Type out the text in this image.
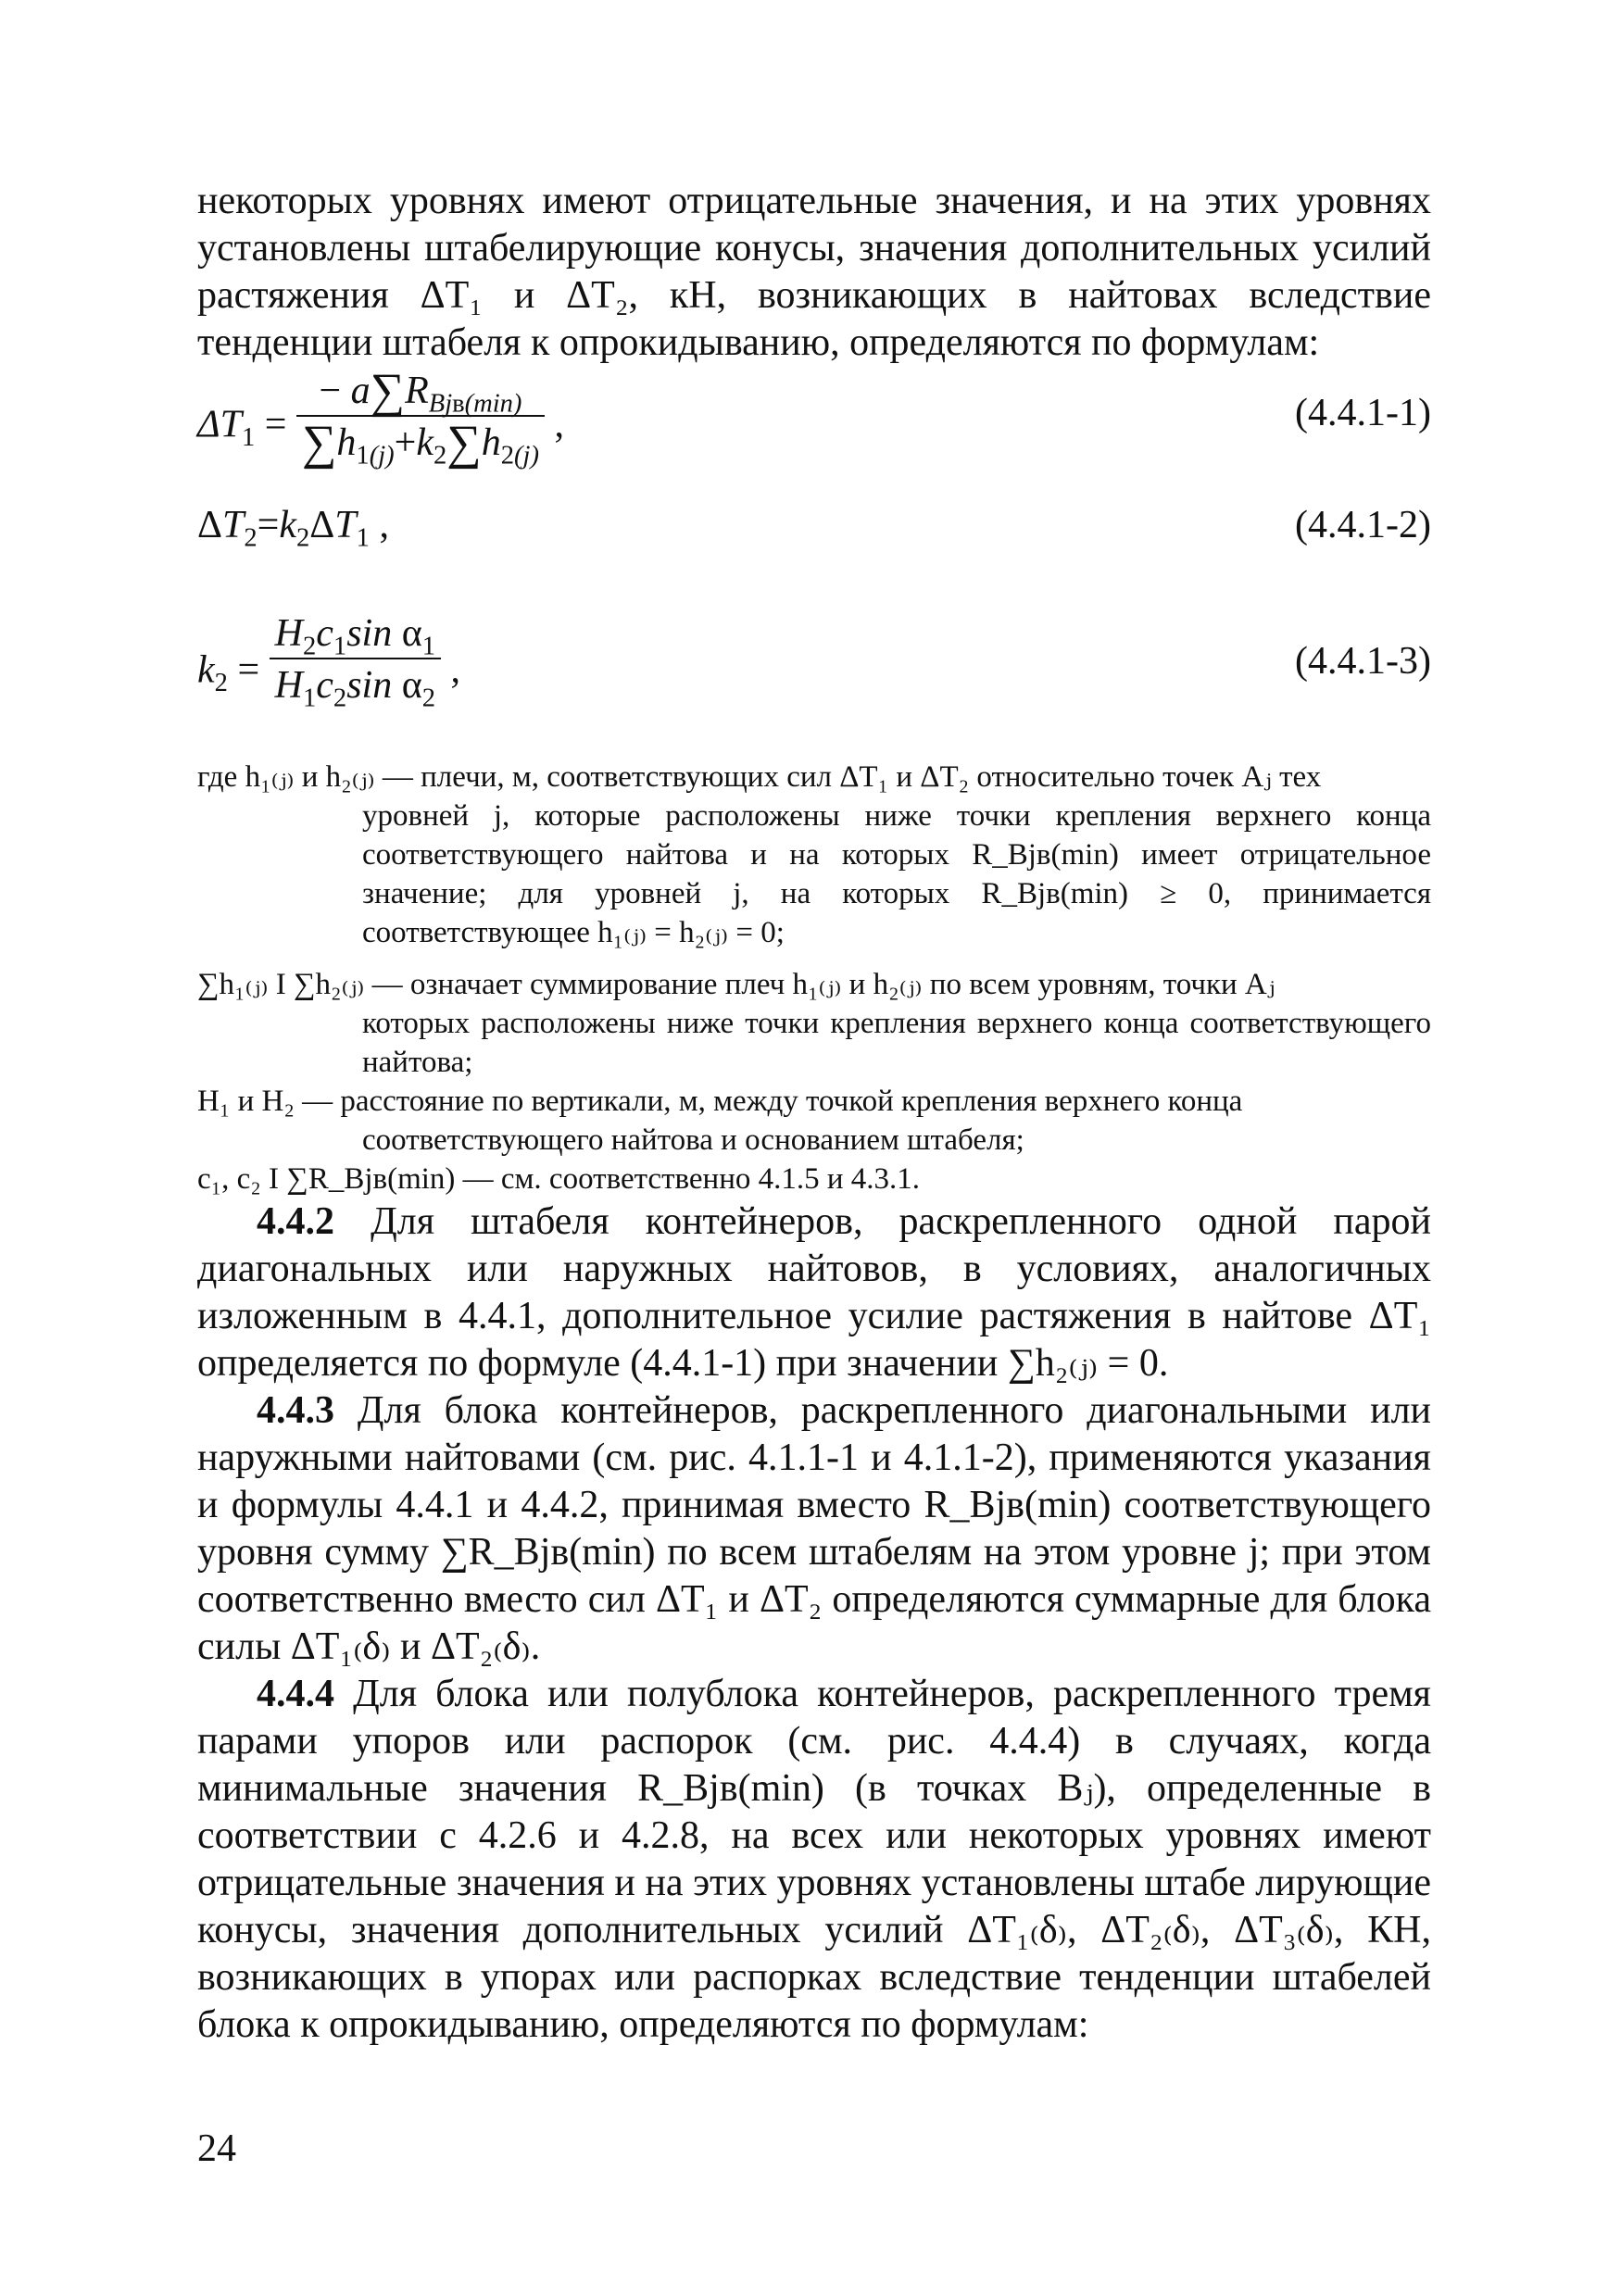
некоторых уровнях имеют отрицательные значения, и на этих уровнях установлены штабелирующие конусы, значения дополнительных усилий растяжения ΔT₁ и ΔT₂, кН, возникающих в найтовах вследствие тенденции штабеля к опрокидыванию, определяются по формулам:

$\Delta T_1 = \frac{- a\sum R_{Bjв(min)}}{\sum h_{1(j)}+k_2\sum h_{2(j)}}$ ,	(4.4.1-1)
$\Delta T_2=k_2\Delta T_1$ ,	(4.4.1-2)
$k_2 = \frac{H_2c_1\sin \alpha_1}{H_1c_2\sin \alpha_2}$ ,	(4.4.1-3)

где h₁₍ⱼ₎ и h₂₍ⱼ₎ — плечи, м, соответствующих сил ΔT₁ и ΔT₂ относительно точек Aⱼ тех

уровней j, которые расположены ниже точки крепления верхнего конца соответствующего найтова и на которых R_Bjв(min) имеет отрицательное значение; для уровней j, на которых R_Bjв(min) ≥ 0, принимается соответствующее h₁₍ⱼ₎ = h₂₍ⱼ₎ = 0;

∑h₁₍ⱼ₎ I ∑h₂₍ⱼ₎ — означает суммирование плеч h₁₍ⱼ₎ и h₂₍ⱼ₎ по всем уровням, точки Aⱼ

которых расположены ниже точки крепления верхнего конца соответствующего найтова;

H₁ и H₂ — расстояние по вертикали, м, между точкой крепления верхнего конца

соответствующего найтова и основанием штабеля;

c₁, c₂ I ∑R_Bjв(min) — см. соответственно 4.1.5 и 4.3.1.

4.4.2 Для штабеля контейнеров, раскрепленного одной парой диагональных или наружных найтовов, в условиях, аналогичных изложенным в 4.4.1, дополнительное усилие растяжения в найтове ΔT₁ определяется по формуле (4.4.1-1) при значении ∑h₂₍ⱼ₎ = 0.

4.4.3 Для блока контейнеров, раскрепленного диагональными или наружными найтовами (см. рис. 4.1.1-1 и 4.1.1-2), применяются указания и формулы 4.4.1 и 4.4.2, принимая вместо R_Bjв(min) соответствующего уровня сумму ∑R_Bjв(min) по всем штабелям на этом уровне j; при этом соответственно вместо сил ΔT₁ и ΔT₂ определяются суммарные для блока силы ΔT₁₍δ₎ и ΔT₂₍δ₎.

4.4.4 Для блока или полублока контейнеров, раскрепленного тремя парами упоров или распорок (см. рис. 4.4.4) в случаях, когда минимальные значения R_Bjв(min) (в точках Bⱼ), определенные в соответствии с 4.2.6 и 4.2.8, на всех или некоторых уровнях имеют отрицательные значения и на этих уровнях установлены штабе лирующие конусы, значения дополнительных усилий ΔT₁₍δ₎, ΔT₂₍δ₎, ΔT₃₍δ₎, КН, возникающих в упорах или распорках вследствие тенденции штабелей блока к опрокидыванию, определяются по формулам:

24
